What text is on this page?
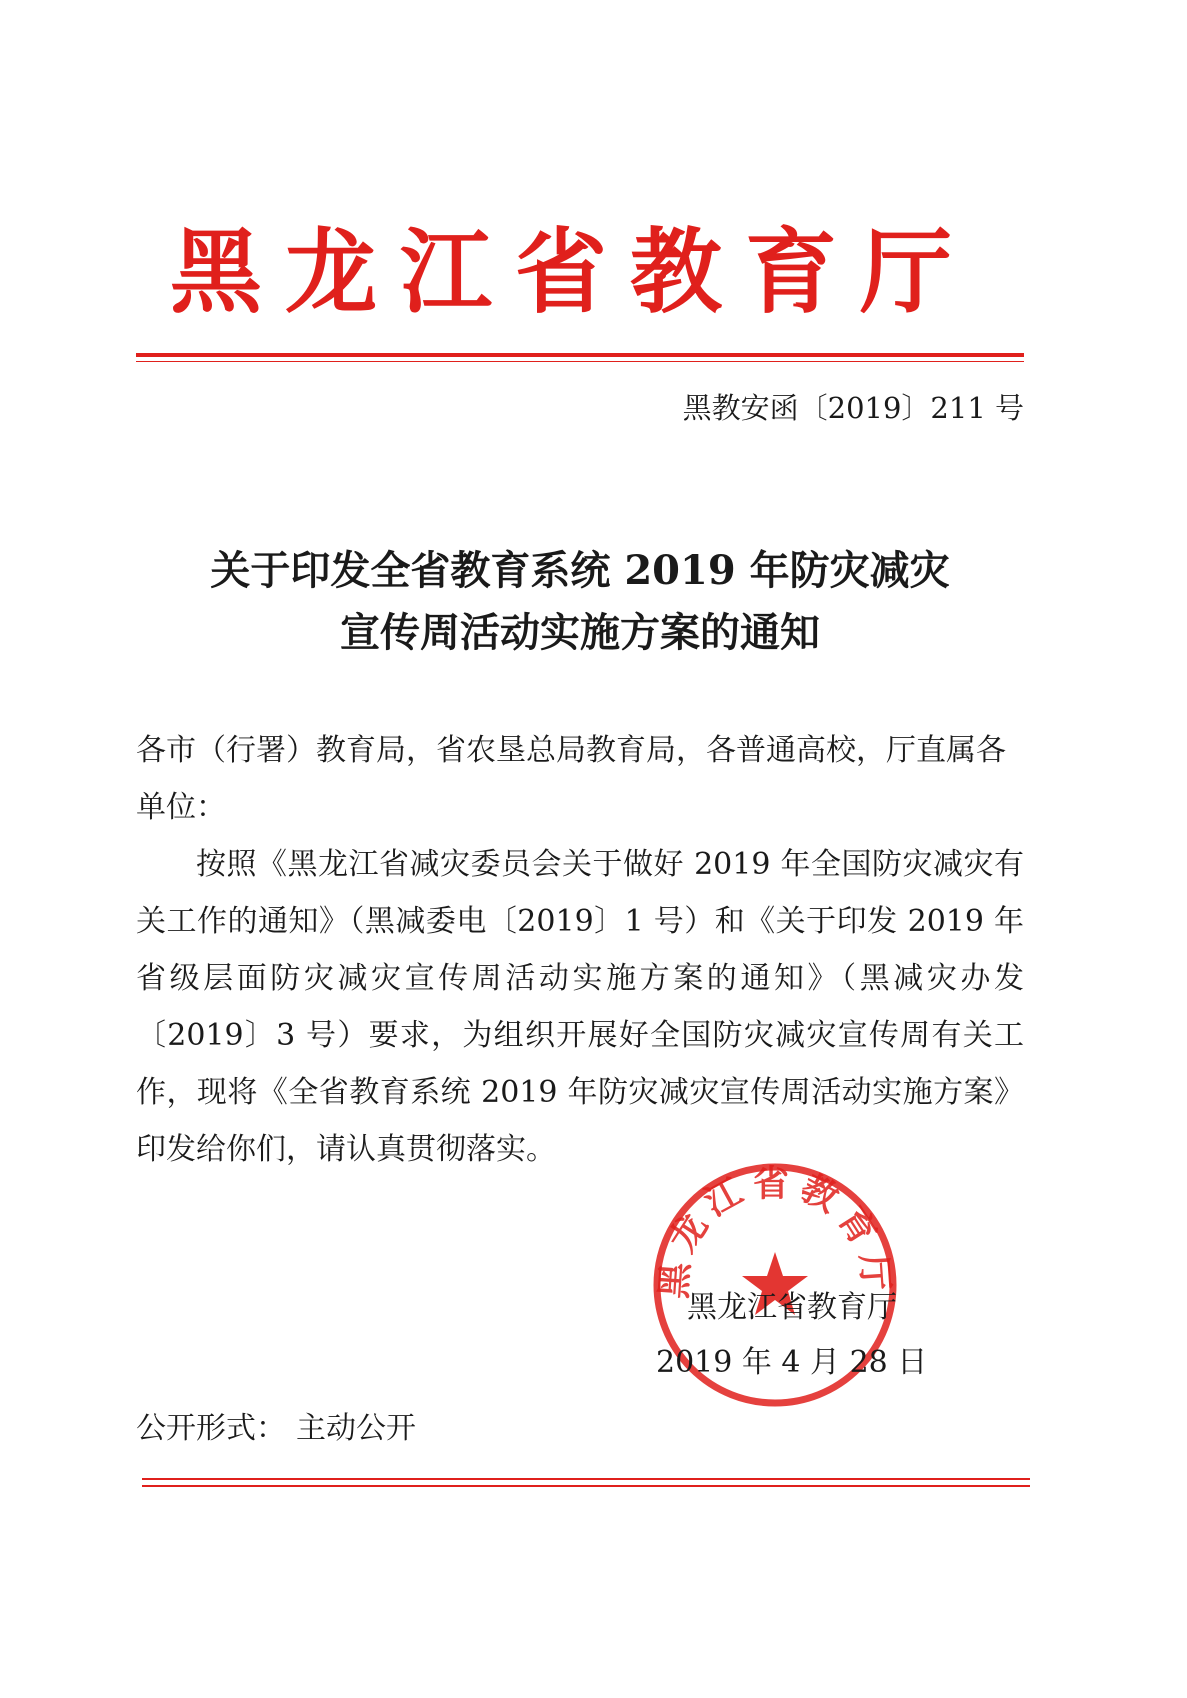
黑龙江省教育厅
黑教安函〔2019〕211 号
关于印发全省教育系统 2019 年防灾减灾
宣传周活动实施方案的通知

各市（行署）教育局，省农垦总局教育局，各普通高校，厅直属各单位：

按照《黑龙江省减灾委员会关于做好 2019 年全国防灾减灾有关工作的通知》（黑减委电〔2019〕1 号）和《关于印发 2019 年省级层面防灾减灾宣传周活动实施方案的通知》（黑减灾办发〔2019〕3 号）要求，为组织开展好全国防灾减灾宣传周有关工作，现将《全省教育系统 2019 年防灾减灾宣传周活动实施方案》印发给你们，请认真贯彻落实。

黑龙江省教育厅
黑龙江省教育厅
2019 年 4 月 28 日
公开形式： 主动公开
